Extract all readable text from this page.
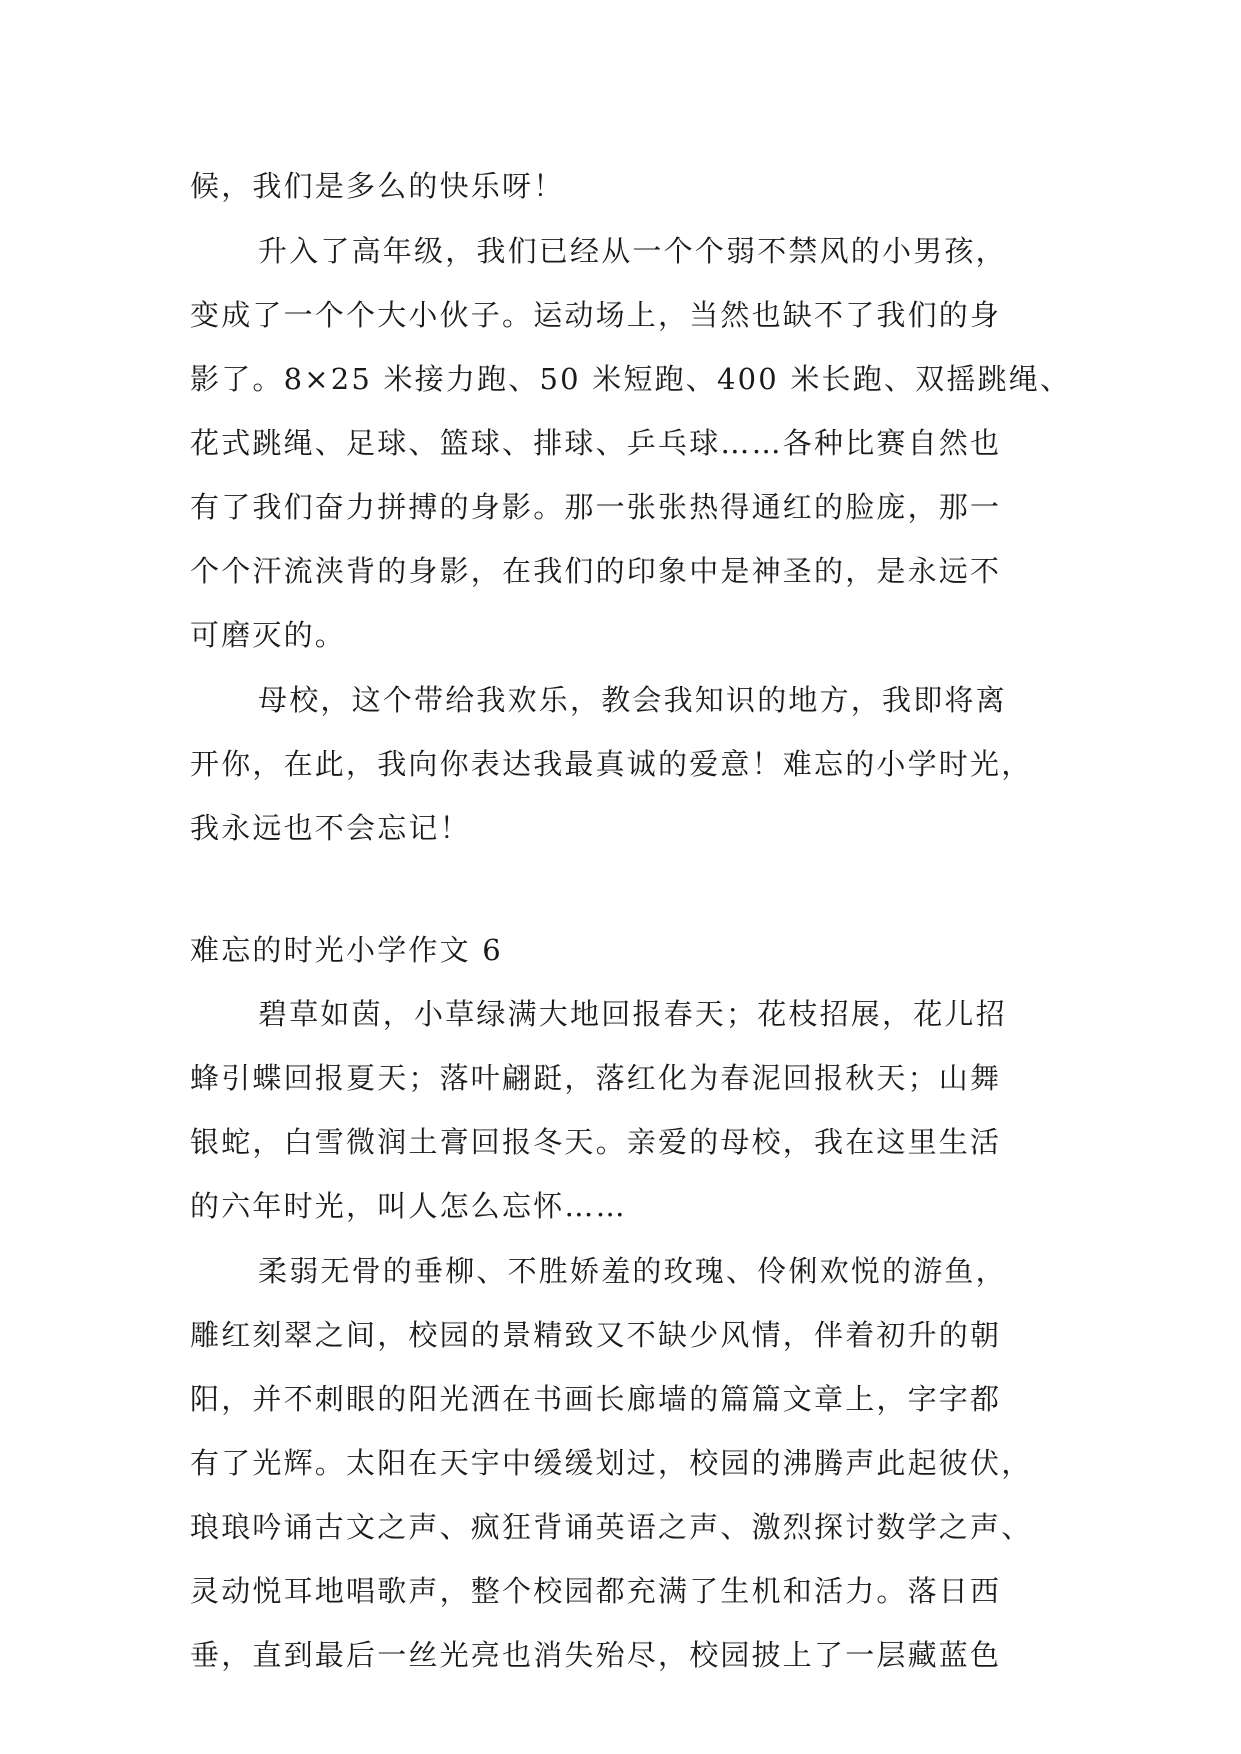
候，我们是多么的快乐呀！
升入了高年级，我们已经从一个个弱不禁风的小男孩，
变成了一个个大小伙子。运动场上，当然也缺不了我们的身
影了。8×25 米接力跑、50 米短跑、400 米长跑、双摇跳绳、
花式跳绳、足球、篮球、排球、乒乓球……各种比赛自然也
有了我们奋力拼搏的身影。那一张张热得通红的脸庞，那一
个个汗流浃背的身影，在我们的印象中是神圣的，是永远不
可磨灭的。
母校，这个带给我欢乐，教会我知识的地方，我即将离
开你，在此，我向你表达我最真诚的爱意！难忘的小学时光，
我永远也不会忘记！
难忘的时光小学作文 6
碧草如茵，小草绿满大地回报春天；花枝招展，花儿招
蜂引蝶回报夏天；落叶翩跹，落红化为春泥回报秋天；山舞
银蛇，白雪微润土膏回报冬天。亲爱的母校，我在这里生活
的六年时光，叫人怎么忘怀……
柔弱无骨的垂柳、不胜娇羞的玫瑰、伶俐欢悦的游鱼，
雕红刻翠之间，校园的景精致又不缺少风情，伴着初升的朝
阳，并不刺眼的阳光洒在书画长廊墙的篇篇文章上，字字都
有了光辉。太阳在天宇中缓缓划过，校园的沸腾声此起彼伏，
琅琅吟诵古文之声、疯狂背诵英语之声、激烈探讨数学之声、
灵动悦耳地唱歌声，整个校园都充满了生机和活力。落日西
垂，直到最后一丝光亮也消失殆尽，校园披上了一层藏蓝色
